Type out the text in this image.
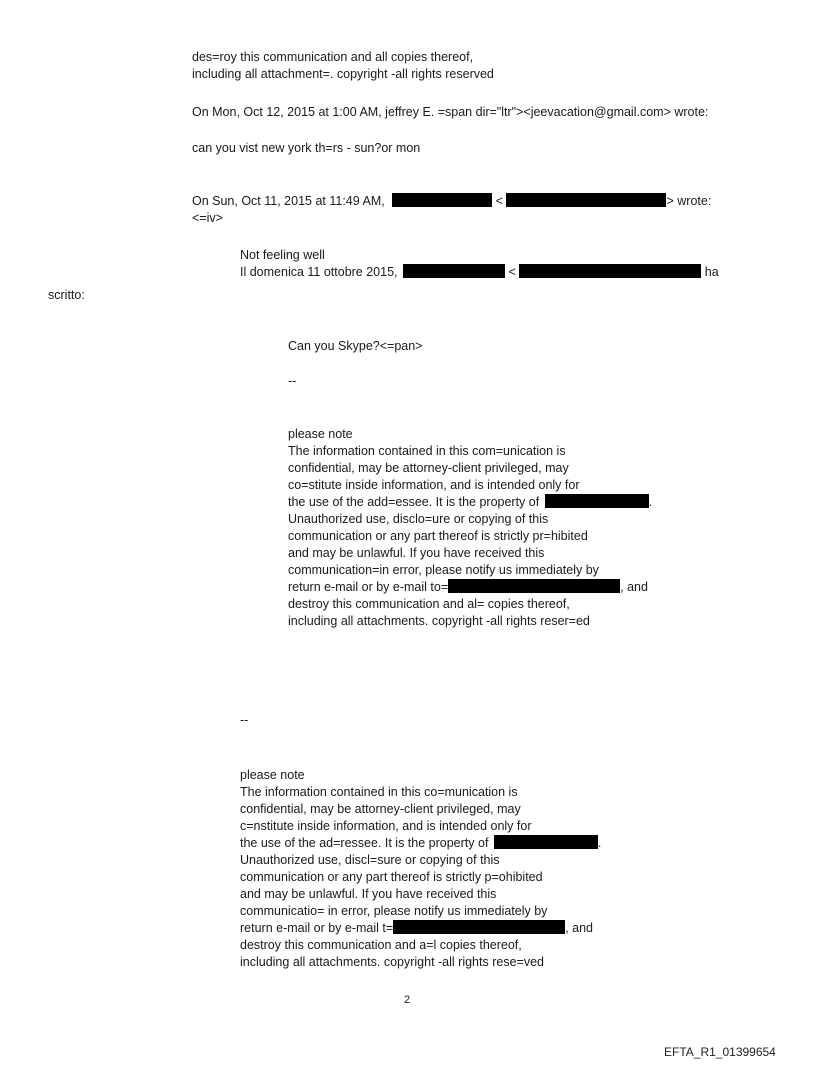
des=roy this communication and all copies thereof,
including all attachment=. copyright -all rights reserved
On Mon, Oct 12, 2015 at 1:00 AM, jeffrey E. =span dir="ltr"><jeevacation@gmail.com> wrote:
can you vist new york th=rs - sun?or mon
On Sun, Oct 11, 2015 at 11:49 AM,	<	> wrote:
<=iv>
Not feeling well
Il domenica 11 ottobre 2015,	<	ha
scritto:
Can you Skype?<=pan>
--
please note
The information contained in this com=unication is
confidential, may be attorney-client privileged, may
co=stitute inside information, and is intended only for
the use of the add=essee. It is the property of	.
Unauthorized use, disclo=ure or copying of this
communication or any part thereof is strictly pr=hibited
and may be unlawful. If you have received this
communication=in error, please notify us immediately by
return e-mail or by e-mail to=	, and
destroy this communication and al= copies thereof,
including all attachments. copyright -all rights reser=ed
--
please note
The information contained in this co=munication is
confidential, may be attorney-client privileged, may
c=nstitute inside information, and is intended only for
the use of the ad=ressee. It is the property of	.
Unauthorized use, discl=sure or copying of this
communication or any part thereof is strictly p=ohibited
and may be unlawful. If you have received this
communicatio= in error, please notify us immediately by
return e-mail or by e-mail t=	, and
destroy this communication and a=l copies thereof,
including all attachments. copyright -all rights rese=ved
2
EFTA_R1_01399654
